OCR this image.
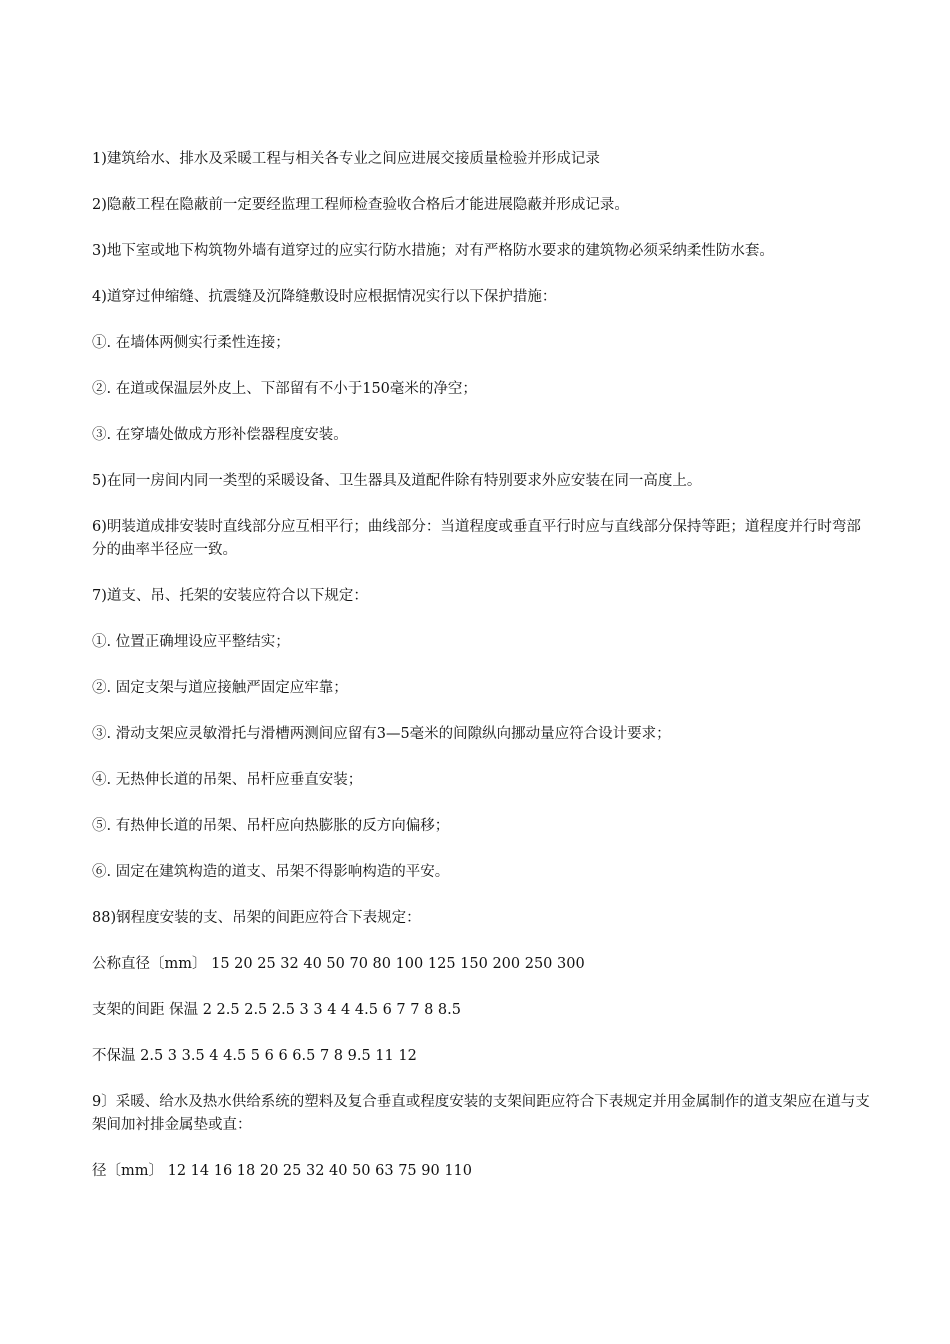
1)建筑给水、排水及采暖工程与相关各专业之间应进展交接质量检验并形成记录

2)隐蔽工程在隐蔽前一定要经监理工程师检查验收合格后才能进展隐蔽并形成记录。

3)地下室或地下构筑物外墙有道穿过的应实行防水措施；对有严格防水要求的建筑物必须采纳柔性防水套。

4)道穿过伸缩缝、抗震缝及沉降缝敷设时应根据情况实行以下保护措施：

①. 在墙体两侧实行柔性连接；

②. 在道或保温层外皮上、下部留有不小于150毫米的净空；

③. 在穿墙处做成方形补偿器程度安装。

5)在同一房间内同一类型的采暖设备、卫生器具及道配件除有特别要求外应安装在同一高度上。

6)明装道成排安装时直线部分应互相平行；曲线部分：当道程度或垂直平行时应与直线部分保持等距；道程度并行时弯部分的曲率半径应一致。

7)道支、吊、托架的安装应符合以下规定：

①. 位置正确埋设应平整结实；

②. 固定支架与道应接触严固定应牢靠；

③. 滑动支架应灵敏滑托与滑槽两测间应留有3—5毫米的间隙纵向挪动量应符合设计要求；

④. 无热伸长道的吊架、吊杆应垂直安装；

⑤. 有热伸长道的吊架、吊杆应向热膨胀的反方向偏移；

⑥. 固定在建筑构造的道支、吊架不得影响构造的平安。

88)钢程度安装的支、吊架的间距应符合下表规定：

公称直径〔mm〕 15 20 25 32 40 50 70 80 100 125 150 200 250 300

支架的间距 保温 2 2.5 2.5 2.5 3 3 4 4 4.5 6 7 7 8 8.5

不保温 2.5 3 3.5 4 4.5 5 6 6 6.5 7 8 9.5 11 12

9〕采暖、给水及热水供给系统的塑料及复合垂直或程度安装的支架间距应符合下表规定并用金属制作的道支架应在道与支架间加衬排金属垫或直：

径〔mm〕 12 14 16 18 20 25 32 40 50 63 75 90 110
